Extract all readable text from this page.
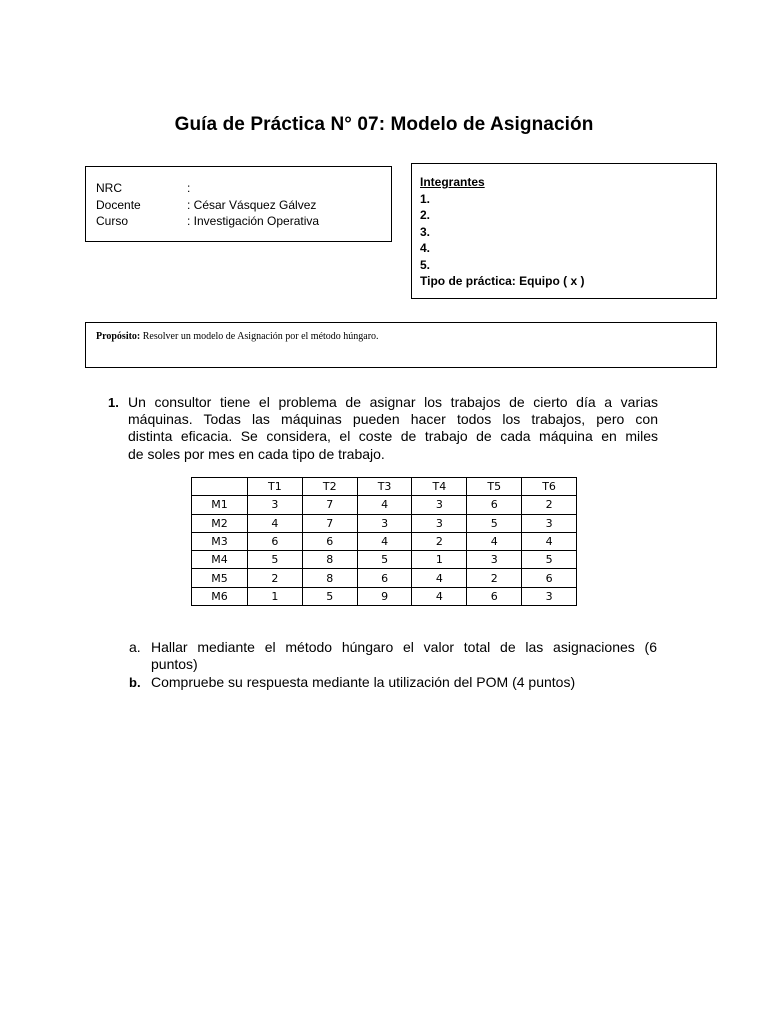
Guía de Práctica N° 07: Modelo de Asignación
NRC	:
Docente	: César Vásquez Gálvez
Curso	: Investigación Operativa
Integrantes
1.
2.
3.
4.
5.
Tipo de práctica: Equipo ( x )
Propósito: Resolver un modelo de Asignación por el método húngaro.
1. Un consultor tiene el problema de asignar los trabajos de cierto día a varias
máquinas. Todas las máquinas pueden hacer todos los trabajos, pero con
distinta eficacia. Se considera, el coste de trabajo de cada máquina en miles
de soles por mes en cada tipo de trabajo.
	T1	T2	T3	T4	T5	T6
M1	3	7	4	3	6	2
M2	4	7	3	3	5	3
M3	6	6	4	2	4	4
M4	5	8	5	1	3	5
M5	2	8	6	4	2	6
M6	1	5	9	4	6	3
a. Hallar mediante el método húngaro el valor total de las asignaciones (6
puntos)
b. Compruebe su respuesta mediante la utilización del POM (4 puntos)
